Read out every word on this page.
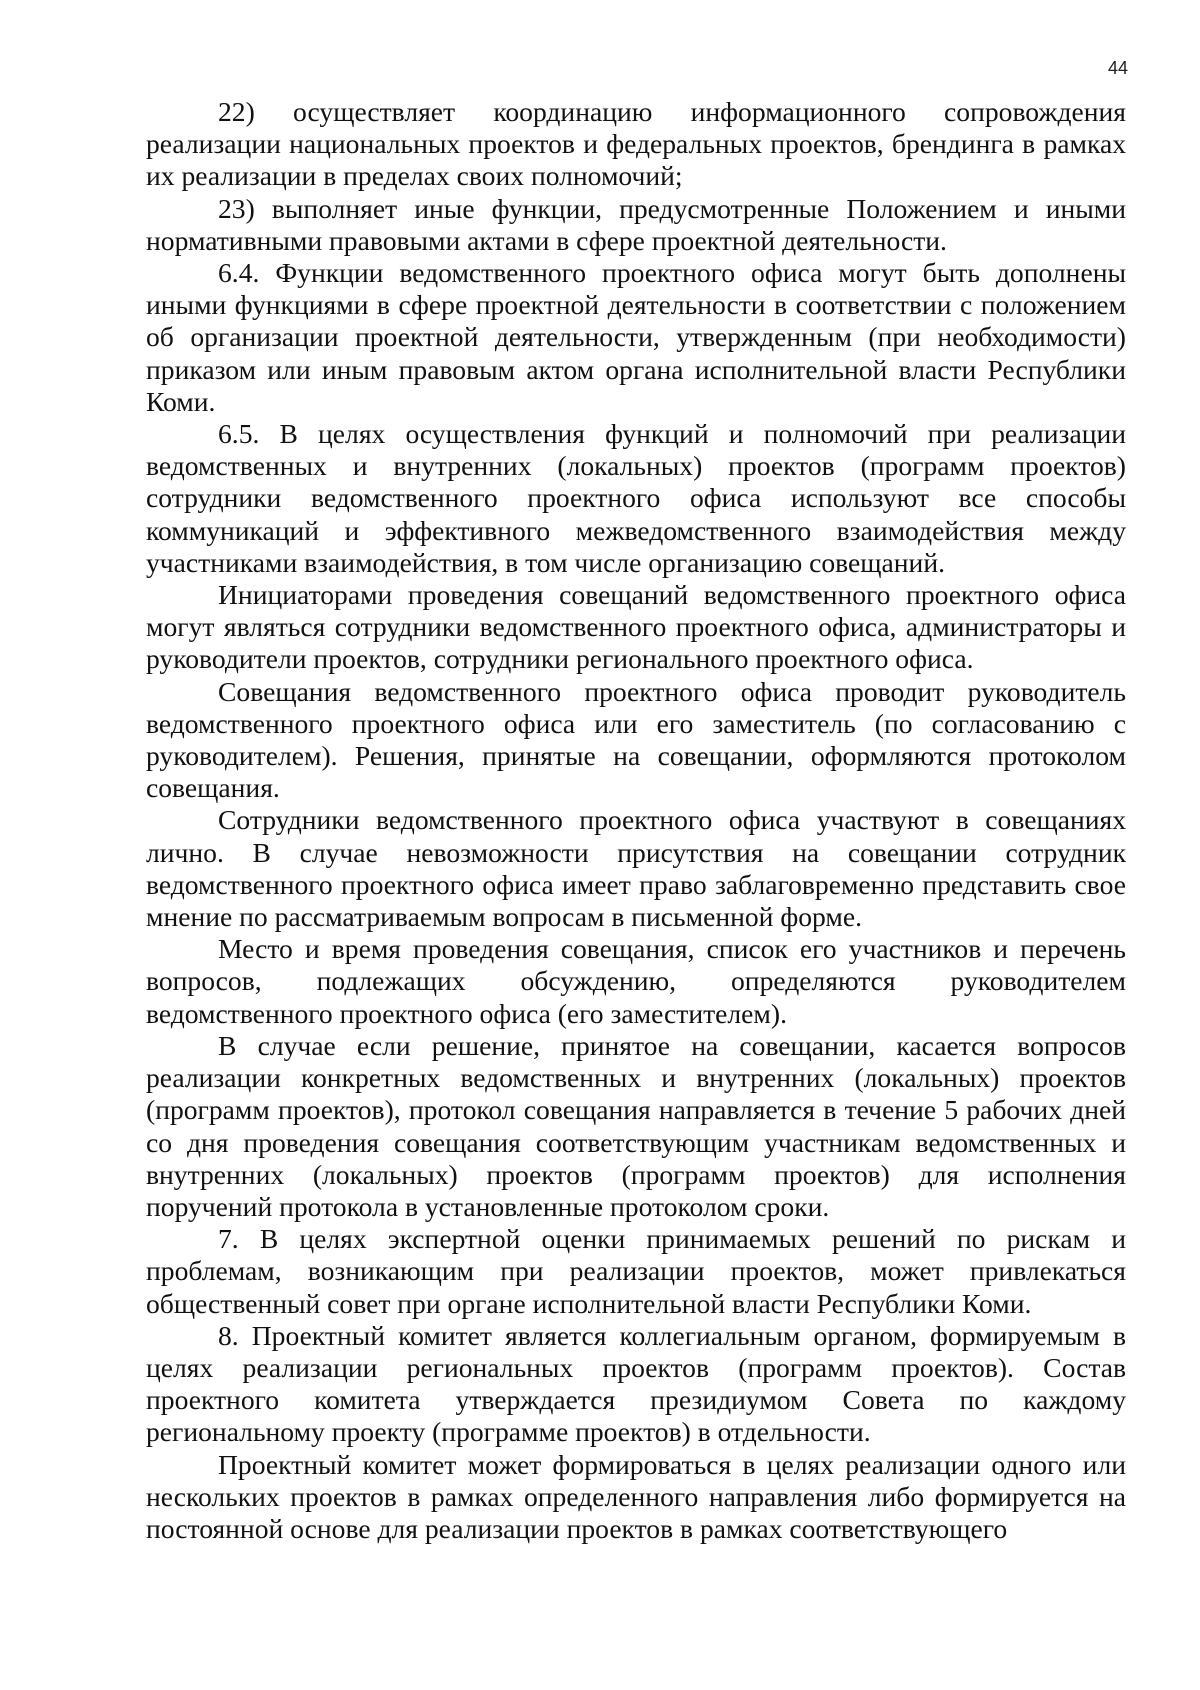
44

22) осуществляет координацию информационного сопровождения реализации национальных проектов и федеральных проектов, брендинга в рамках их реализации в пределах своих полномочий;

23) выполняет иные функции, предусмотренные Положением и иными нормативными правовыми актами в сфере проектной деятельности.

6.4. Функции ведомственного проектного офиса могут быть дополнены иными функциями в сфере проектной деятельности в соответствии с положением об организации проектной деятельности, утвержденным (при необходимости) приказом или иным правовым актом органа исполнительной власти Республики Коми.

6.5. В целях осуществления функций и полномочий при реализации ведомственных и внутренних (локальных) проектов (программ проектов) сотрудники ведомственного проектного офиса используют все способы коммуникаций и эффективного межведомственного взаимодействия между участниками взаимодействия, в том числе организацию совещаний.

Инициаторами проведения совещаний ведомственного проектного офиса могут являться сотрудники ведомственного проектного офиса, администраторы и руководители проектов, сотрудники регионального проектного офиса.

Совещания ведомственного проектного офиса проводит руководитель ведомственного проектного офиса или его заместитель (по согласованию с руководителем). Решения, принятые на совещании, оформляются протоколом совещания.

Сотрудники ведомственного проектного офиса участвуют в совещаниях лично. В случае невозможности присутствия на совещании сотрудник ведомственного проектного офиса имеет право заблаговременно представить свое мнение по рассматриваемым вопросам в письменной форме.

Место и время проведения совещания, список его участников и перечень вопросов, подлежащих обсуждению, определяются руководителем ведомственного проектного офиса (его заместителем).

В случае если решение, принятое на совещании, касается вопросов реализации конкретных ведомственных и внутренних (локальных) проектов (программ проектов), протокол совещания направляется в течение 5 рабочих дней со дня проведения совещания соответствующим участникам ведомственных и внутренних (локальных) проектов (программ проектов) для исполнения поручений протокола в установленные протоколом сроки.

7. В целях экспертной оценки принимаемых решений по рискам и проблемам, возникающим при реализации проектов, может привлекаться общественный совет при органе исполнительной власти Республики Коми.

8. Проектный комитет является коллегиальным органом, формируемым в целях реализации региональных проектов (программ проектов). Состав проектного комитета утверждается президиумом Совета по каждому региональному проекту (программе проектов) в отдельности.

Проектный комитет может формироваться в целях реализации одного или нескольких проектов в рамках определенного направления либо формируется на постоянной основе для реализации проектов в рамках соответствующего
